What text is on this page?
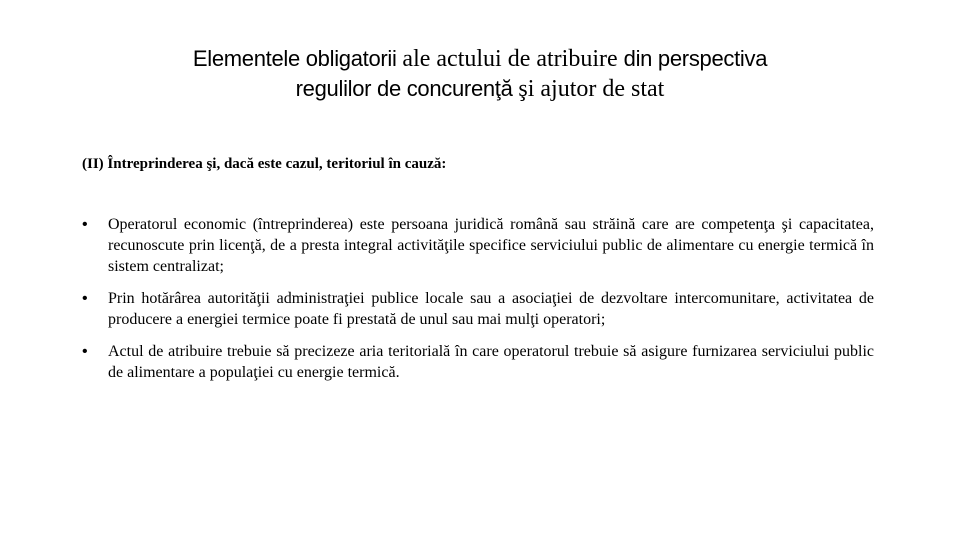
Elementele obligatorii ale actului de atribuire din perspectiva
regulilor de concurenţă şi ajutor de stat
(II) Întreprinderea şi, dacă este cazul, teritoriul în cauză:
• Operatorul economic (întreprinderea) este persoana juridică română sau străină care are competenţa şi capacitatea, recunoscute prin licenţă, de a presta integral activităţile specifice serviciului public de alimentare cu energie termică în sistem centralizat;
• Prin hotărârea autorităţii administraţiei publice locale sau a asociaţiei de dezvoltare intercomunitare, activitatea de producere a energiei termice poate fi prestată de unul sau mai mulţi operatori;
• Actul de atribuire trebuie să precizeze aria teritorială în care operatorul trebuie să asigure furnizarea serviciului public de alimentare a populaţiei cu energie termică.
